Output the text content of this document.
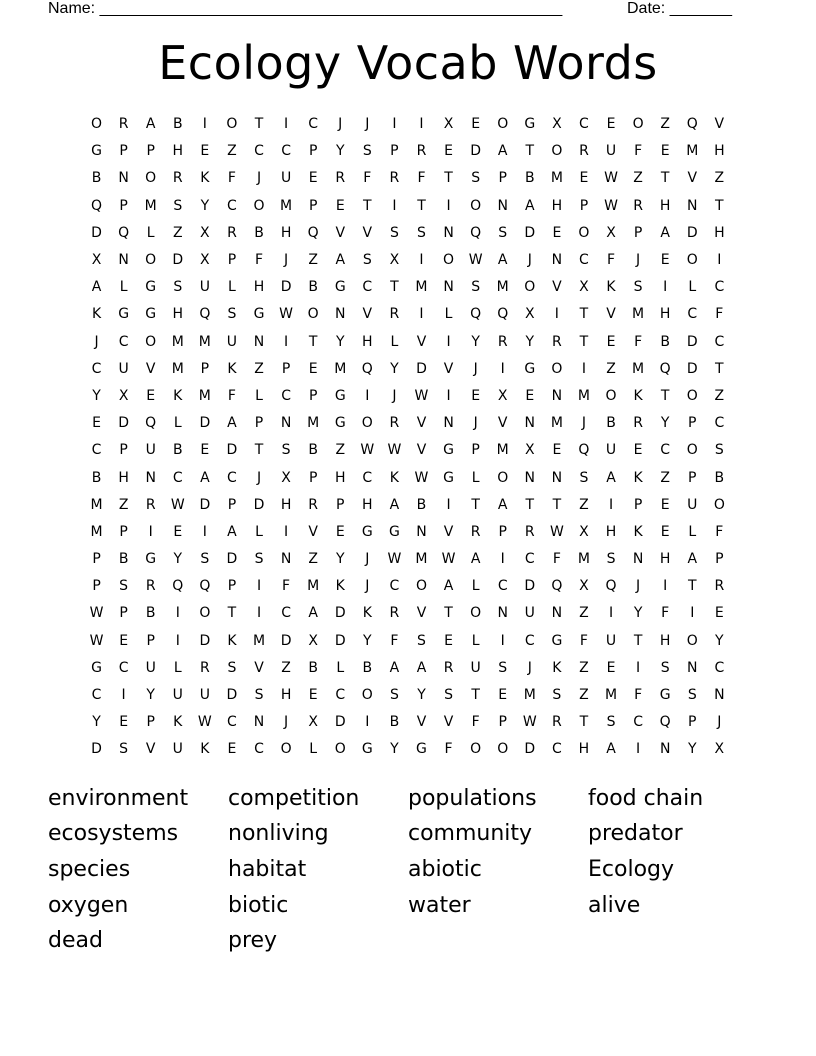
Name: ____________________________________________________	Date: _______
Ecology Vocab Words
O	R	A	B	I	O	T	I	C	J	J	I	I	X	E	O	G	X	C	E	O	Z	Q	V
G	P	P	H	E	Z	C	C	P	Y	S	P	R	E	D	A	T	O	R	U	F	E	M	H
B	N	O	R	K	F	J	U	E	R	F	R	F	T	S	P	B	M	E	W	Z	T	V	Z
Q	P	M	S	Y	C	O	M	P	E	T	I	T	I	O	N	A	H	P	W	R	H	N	T
D	Q	L	Z	X	R	B	H	Q	V	V	S	S	N	Q	S	D	E	O	X	P	A	D	H
X	N	O	D	X	P	F	J	Z	A	S	X	I	O	W	A	J	N	C	F	J	E	O	I
A	L	G	S	U	L	H	D	B	G	C	T	M	N	S	M	O	V	X	K	S	I	L	C
K	G	G	H	Q	S	G	W	O	N	V	R	I	L	Q	Q	X	I	T	V	M	H	C	F
J	C	O	M	M	U	N	I	T	Y	H	L	V	I	Y	R	Y	R	T	E	F	B	D	C
C	U	V	M	P	K	Z	P	E	M	Q	Y	D	V	J	I	G	O	I	Z	M	Q	D	T
Y	X	E	K	M	F	L	C	P	G	I	J	W	I	E	X	E	N	M	O	K	T	O	Z
E	D	Q	L	D	A	P	N	M	G	O	R	V	N	J	V	N	M	J	B	R	Y	P	C
C	P	U	B	E	D	T	S	B	Z	W W	V	G	P	M	X	E	Q	U	E	C	O	S
B	H	N	C	A	C	J	X	P	H	C	K	W	G	L	O	N	N	S	A	K	Z	P	B
M	Z	R	W	D	P	D	H	R	P	H	A	B	I	T	A	T	T	Z	I	P	E	U	O
M	P	I	E	I	A	L	I	V	E	G	G	N	V	R	P	R	W	X	H	K	E	L	F
P	B	G	Y	S	D	S	N	Z	Y	J	W	M	W	A	I	C	F	M	S	N	H	A	P
P	S	R	Q	Q	P	I	F	M	K	J	C	O	A	L	C	D	Q	X	Q	J	I	T	R
W	P	B	I	O	T	I	C	A	D	K	R	V	T	O	N	U	N	Z	I	Y	F	I	E
W	E	P	I	D	K	M	D	X	D	Y	F	S	E	L	I	C	G	F	U	T	H	O	Y
G	C	U	L	R	S	V	Z	B	L	B	A	A	R	U	S	J	K	Z	E	I	S	N	C
C	I	Y	U	U	D	S	H	E	C	O	S	Y	S	T	E	M	S	Z	M	F	G	S	N
Y	E	P	K	W	C	N	J	X	D	I	B	V	V	F	P	W	R	T	S	C	Q	P	J
D	S	V	U	K	E	C	O	L	O	G	Y	G	F	O	O	D	C	H	A	I	N	Y	X
environment	competition	populations	food chain
ecosystems	nonliving	community	predator
species	habitat	abiotic	Ecology
oxygen	biotic	water	alive
dead	prey
